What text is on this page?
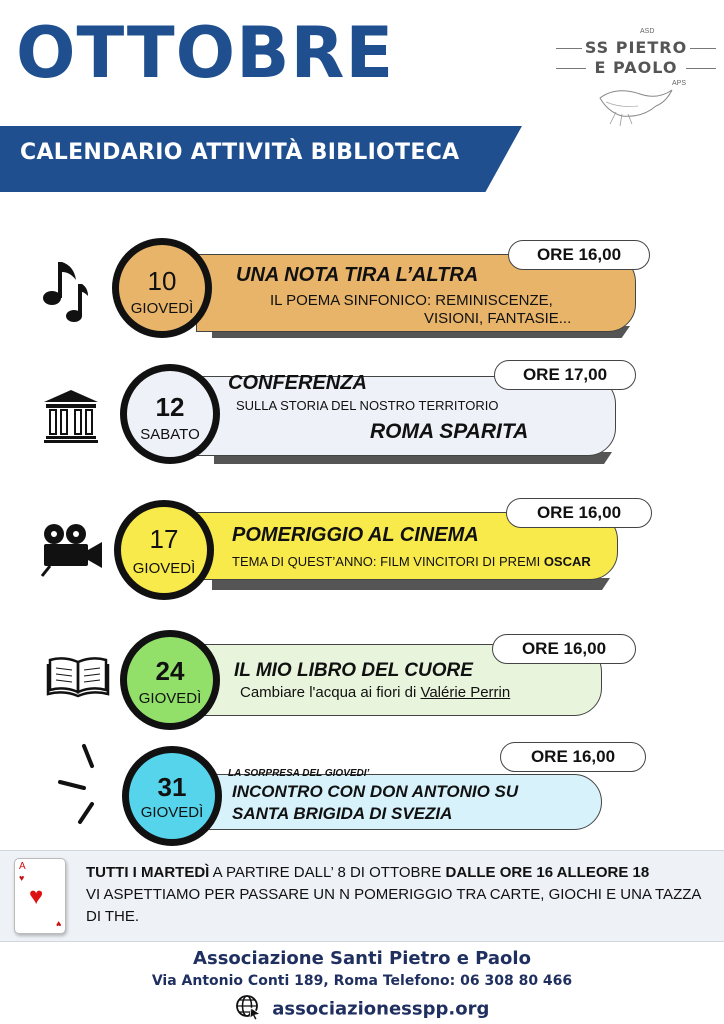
OTTOBRE	ASD
SS PIETRO
E PAOLO
APS
CALENDARIO ATTIVITÀ BIBLIOTECA
10
GIOVEDÌ
ORE 16,00
UNA NOTA TIRA L’ALTRA
IL POEMA SINFONICO: REMINISCENZE,
VISIONI, FANTASIE...
12
SABATO
ORE 17,00
CONFERENZA
SULLA STORIA DEL NOSTRO TERRITORIO
ROMA SPARITA
17
GIOVEDÌ
ORE 16,00
POMERIGGIO AL CINEMA
TEMA DI QUEST’ANNO: FILM VINCITORI DI PREMI OSCAR
24
GIOVEDÌ
ORE 16,00
IL MIO LIBRO DEL CUORE
Cambiare l'acqua ai fiori di Valérie Perrin
31
GIOVEDÌ
ORE 16,00
LA SORPRESA DEL GIOVEDI’
INCONTRO CON DON ANTONIO SU
SANTA BRIGIDA DI SVEZIA
A
♥
♥
♥
TUTTI I MARTEDÌ A PARTIRE DALL’ 8 DI OTTOBRE DALLE ORE 16 ALLEORE 18
VI ASPETTIAMO PER PASSARE UN N POMERIGGIO TRA CARTE, GIOCHI E UNA TAZZA DI THE.
Associazione Santi Pietro e Paolo
Via Antonio Conti 189, Roma Telefono: 06 308 80 466
associazionesspp.org
